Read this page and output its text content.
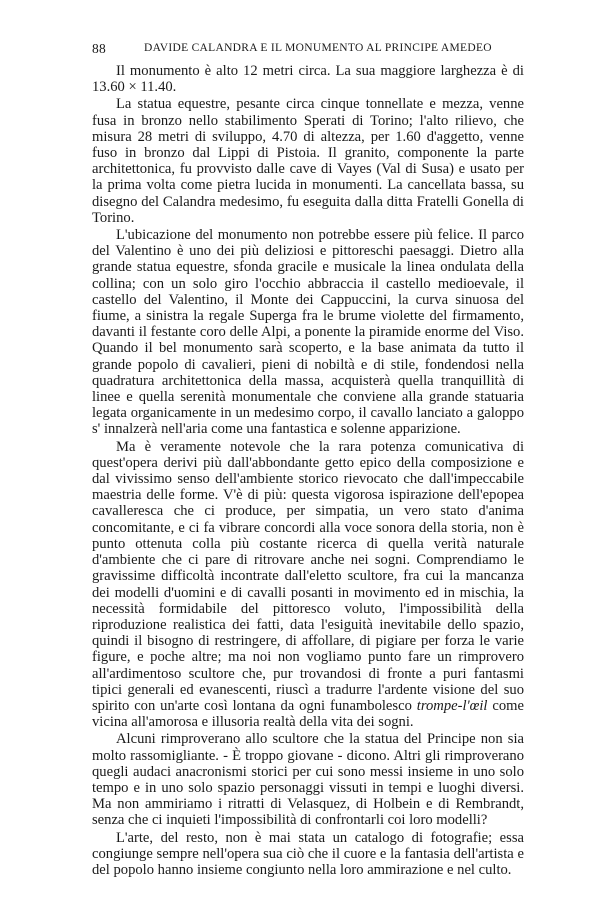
88	DAVIDE CALANDRA E IL MONUMENTO AL PRINCIPE AMEDEO

Il monumento è alto 12 metri circa. La sua maggiore larghezza è di 13.60 × 11.40.

La statua equestre, pesante circa cinque tonnellate e mezza, venne fusa in bronzo nello stabilimento Sperati di Torino; l'alto rilievo, che misura 28 metri di sviluppo, 4.70 di altezza, per 1.60 d'aggetto, venne fuso in bronzo dal Lippi di Pistoia. Il granito, componente la parte architettonica, fu provvisto dalle cave di Vayes (Val di Susa) e usato per la prima volta come pietra lucida in monumenti. La cancellata bassa, su disegno del Calandra medesimo, fu eseguita dalla ditta Fratelli Gonella di Torino.

L'ubicazione del monumento non potrebbe essere più felice. Il parco del Valentino è uno dei più deliziosi e pittoreschi paesaggi. Dietro alla grande statua equestre, sfonda gracile e musicale la linea ondulata della collina; con un solo giro l'occhio abbraccia il castello medioevale, il castello del Valentino, il Monte dei Cappuccini, la curva sinuosa del fiume, a sinistra la regale Superga fra le brume violette del firmamento, davanti il festante coro delle Alpi, a ponente la piramide enorme del Viso. Quando il bel monumento sarà scoperto, e la base animata da tutto il grande popolo di cavalieri, pieni di nobiltà e di stile, fondendosi nella quadratura architettonica della massa, acquisterà quella tranquillità di linee e quella serenità monumentale che conviene alla grande statuaria legata organicamente in un medesimo corpo, il cavallo lanciato a galoppo s' innalzerà nell'aria come una fantastica e solenne apparizione.

Ma è veramente notevole che la rara potenza comunicativa di quest'opera derivi più dall'abbondante getto epico della composizione e dal vivissimo senso dell'ambiente storico rievocato che dall'impeccabile maestria delle forme. V'è di più: questa vigorosa ispirazione dell'epopea cavalleresca che ci produce, per simpatia, un vero stato d'anima concomitante, e ci fa vibrare concordi alla voce sonora della storia, non è punto ottenuta colla più costante ricerca di quella verità naturale d'ambiente che ci pare di ritrovare anche nei sogni. Comprendiamo le gravissime difficoltà incontrate dall'eletto scultore, fra cui la mancanza dei modelli d'uomini e di cavalli posanti in movimento ed in mischia, la necessità formidabile del pittoresco voluto, l'impossibilità della riproduzione realistica dei fatti, data l'esiguità inevitabile dello spazio, quindi il bisogno di restringere, di affollare, di pigiare per forza le varie figure, e poche altre; ma noi non vogliamo punto fare un rimprovero all'ardimentoso scultore che, pur trovandosi di fronte a puri fantasmi tipici generali ed evanescenti, riuscì a tradurre l'ardente visione del suo spirito con un'arte così lontana da ogni funambolesco trompe-l'œil come vicina all'amorosa e illusoria realtà della vita dei sogni.

Alcuni rimproverano allo scultore che la statua del Principe non sia molto rassomigliante. - È troppo giovane - dicono. Altri gli rimproverano quegli audaci anacronismi storici per cui sono messi insieme in uno solo tempo e in uno solo spazio personaggi vissuti in tempi e luoghi diversi. Ma non ammiriamo i ritratti di Velasquez, di Holbein e di Rembrandt, senza che ci inquieti l'impossibilità di confrontarli coi loro modelli?

L'arte, del resto, non è mai stata un catalogo di fotografie; essa congiunge sempre nell'opera sua ciò che il cuore e la fantasia dell'artista e del popolo hanno insieme congiunto nella loro ammirazione e nel culto.
